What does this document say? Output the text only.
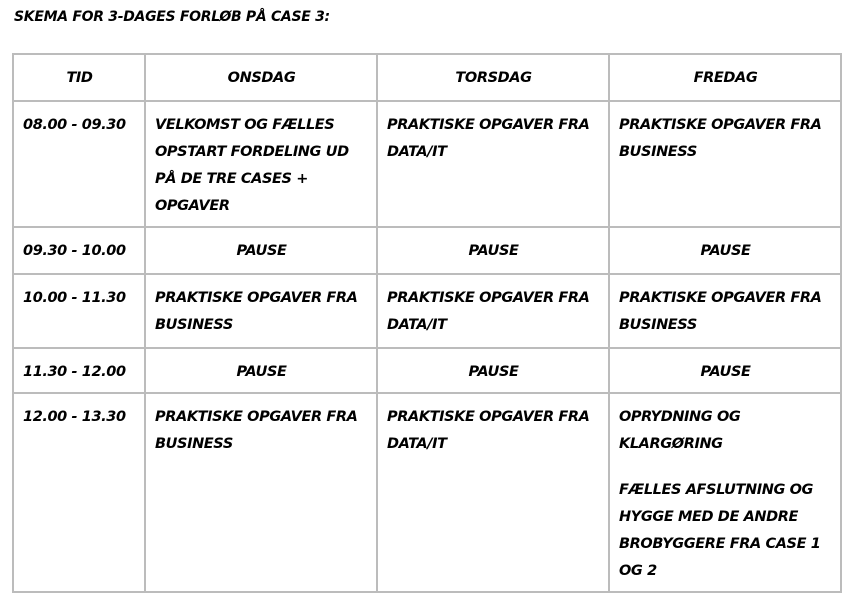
SKEMA FOR 3-DAGES FORLØB PÅ CASE 3:
TID	ONSDAG	TORSDAG	FREDAG
08.00 - 09.30	VELKOMST OG FÆLLES OPSTART FORDELING UD PÅ DE TRE CASES + OPGAVER	PRAKTISKE OPGAVER FRA DATA/IT	PRAKTISKE OPGAVER FRA BUSINESS
09.30 - 10.00	PAUSE	PAUSE	PAUSE
10.00 - 11.30	PRAKTISKE OPGAVER FRA BUSINESS	PRAKTISKE OPGAVER FRA DATA/IT	PRAKTISKE OPGAVER FRA BUSINESS
11.30 - 12.00	PAUSE	PAUSE	PAUSE
12.00 - 13.30	PRAKTISKE OPGAVER FRA BUSINESS	PRAKTISKE OPGAVER FRA DATA/IT	OPRYDNING OG KLARGØRING
FÆLLES AFSLUTNING OG HYGGE MED DE ANDRE BROBYGGERE FRA CASE 1 OG 2
